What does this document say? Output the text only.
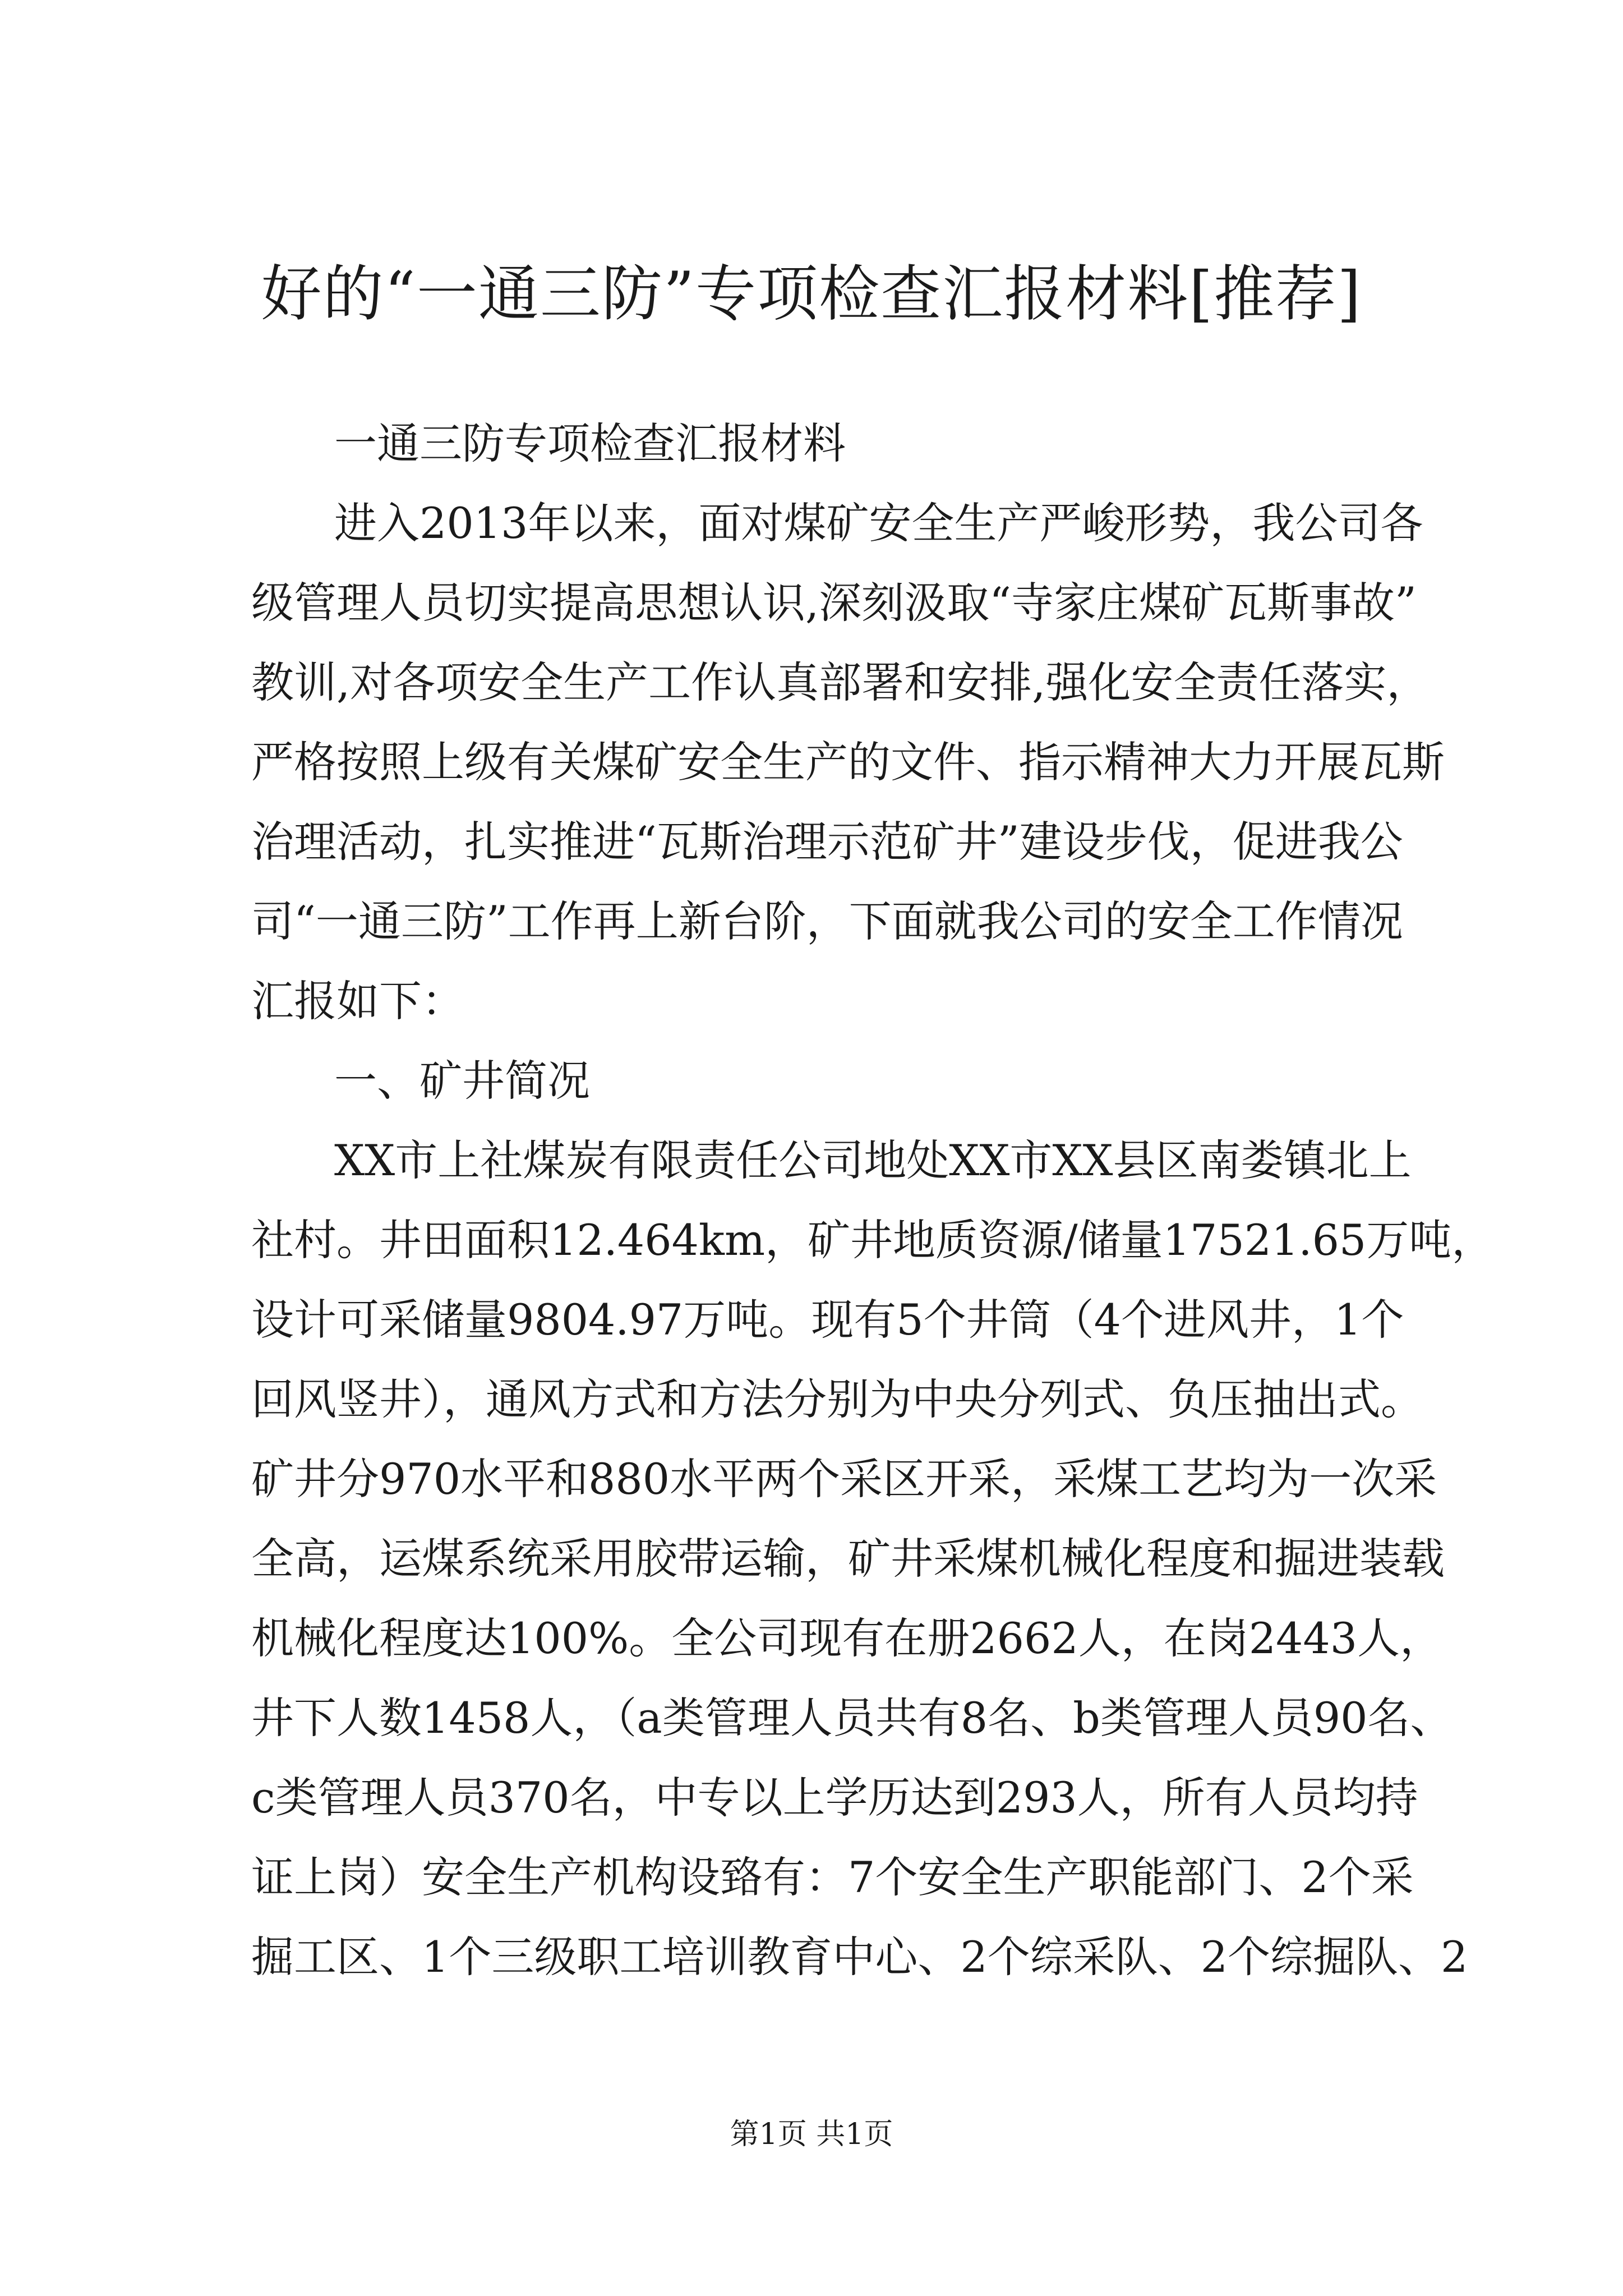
好的“一通三防”专项检查汇报材料[推荐]

一通三防专项检查汇报材料

进入2013年以来，面对煤矿安全生产严峻形势，我公司各

级管理人员切实提高思想认识,深刻汲取“寺家庄煤矿瓦斯事故”

教训,对各项安全生产工作认真部署和安排,强化安全责任落实，

严格按照上级有关煤矿安全生产的文件、指示精神大力开展瓦斯

治理活动，扎实推进“瓦斯治理示范矿井”建设步伐，促进我公

司“一通三防”工作再上新台阶，下面就我公司的安全工作情况

汇报如下：

一、矿井简况

XX市上社煤炭有限责任公司地处XX市XX县区南娄镇北上

社村。井田面积12.464km，矿井地质资源/储量17521.65万吨，

设计可采储量9804.97万吨。现有5个井筒（4个进风井，1个

回风竖井），通风方式和方法分别为中央分列式、负压抽出式。

矿井分970水平和880水平两个采区开采，采煤工艺均为一次采

全高，运煤系统采用胶带运输，矿井采煤机械化程度和掘进装载

机械化程度达100%。全公司现有在册2662人，在岗2443人，

井下人数1458人，（a类管理人员共有8名、b类管理人员90名、

c类管理人员370名，中专以上学历达到293人，所有人员均持

证上岗）安全生产机构设臵有：7个安全生产职能部门、2个采

掘工区、1个三级职工培训教育中心、2个综采队、2个综掘队、2

第1页 共1页
